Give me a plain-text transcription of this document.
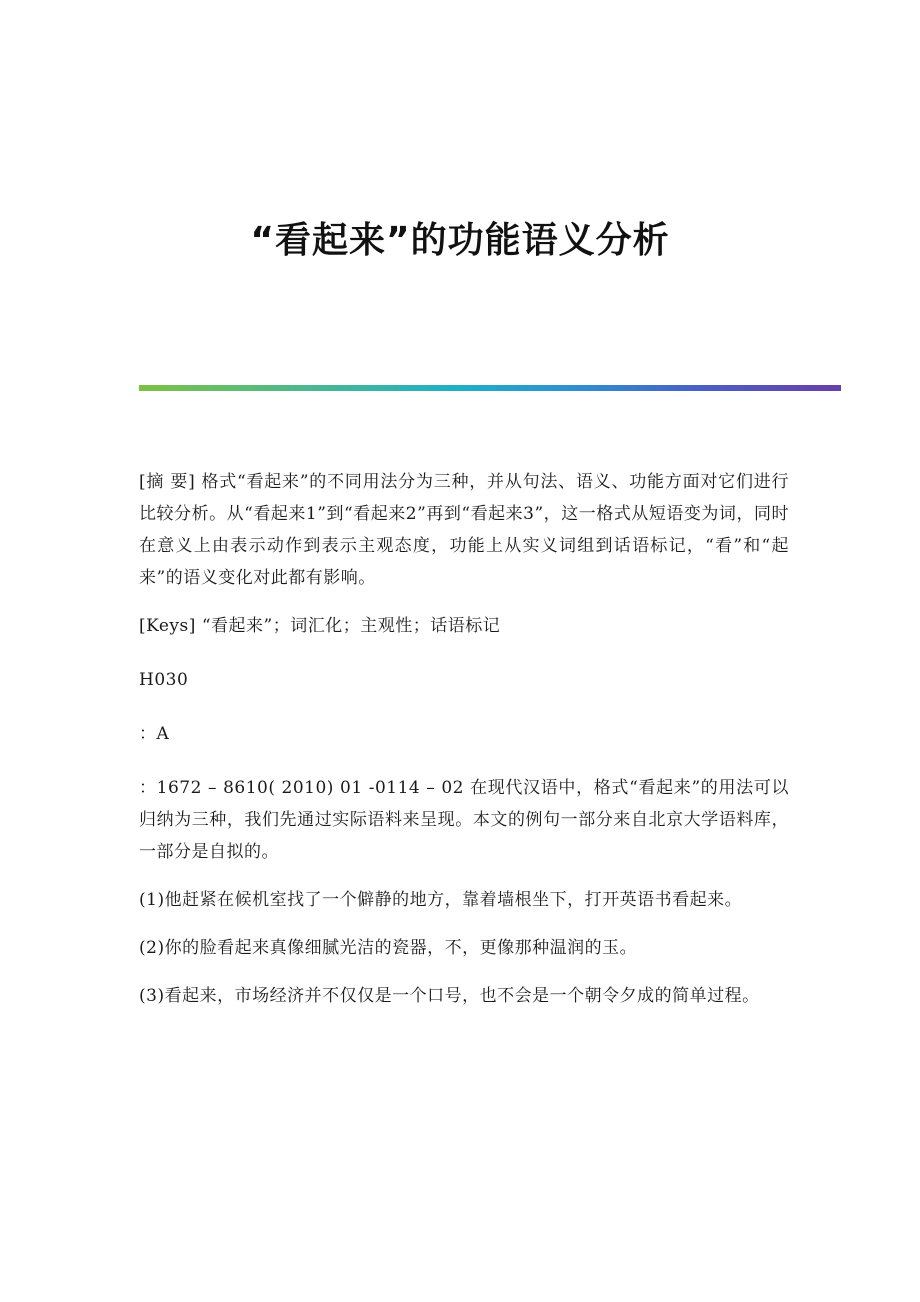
“看起来”的功能语义分析

[摘 要] 格式“看起来”的不同用法分为三种，并从句法、语义、功能方面对它们进行比较分析。从“看起来1”到“看起来2”再到“看起来3”，这一格式从短语变为词，同时在意义上由表示动作到表示主观态度，功能上从实义词组到话语标记，“看”和“起来”的语义变化对此都有影响。

[Keys] “看起来”；词汇化；主观性；话语标记

H030

：A

：1672 – 8610( 2010) 01 -0114 – 02 在现代汉语中，格式“看起来”的用法可以归纳为三种，我们先通过实际语料来呈现。本文的例句一部分来自北京大学语料库，一部分是自拟的。

(1)他赶紧在候机室找了一个僻静的地方，靠着墙根坐下，打开英语书看起来。

(2)你的脸看起来真像细腻光洁的瓷器，不，更像那种温润的玉。

(3)看起来，市场经济并不仅仅是一个口号，也不会是一个朝令夕成的简单过程。
